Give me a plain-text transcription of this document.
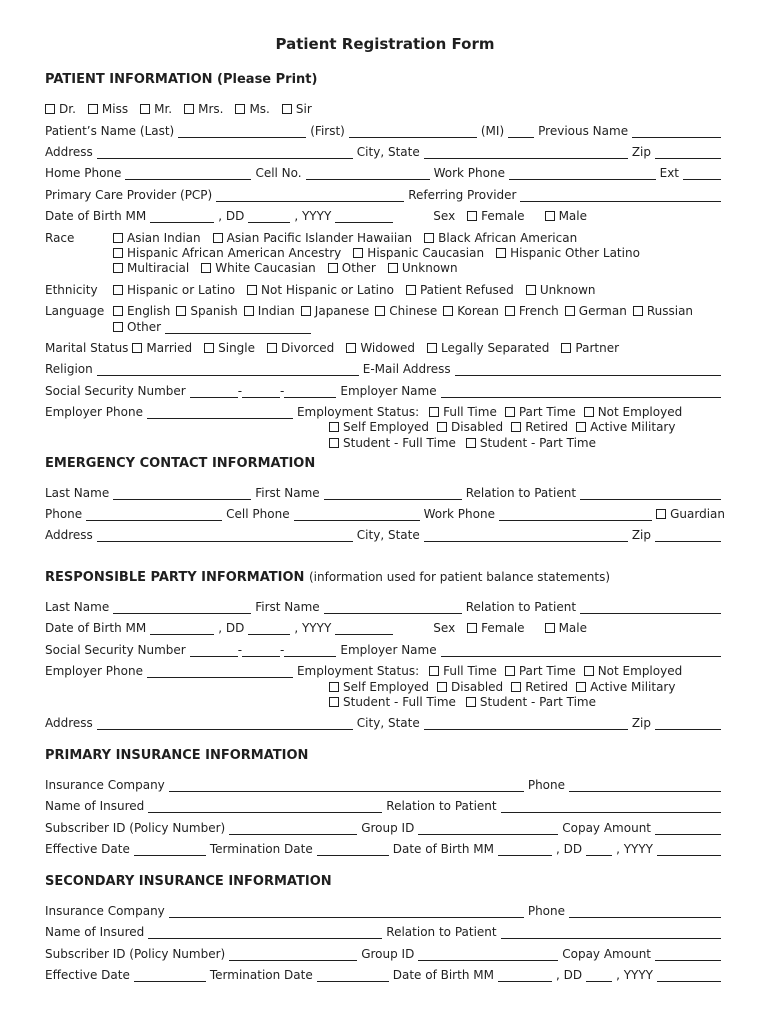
Patient Registration Form
PATIENT INFORMATION (Please Print)
Dr. Miss Mr. Mrs. Ms. Sir
Patient’s Name (Last)	(First)	(MI)	Previous Name
Address	City, State	Zip
Home Phone	Cell No.	Work Phone	Ext
Primary Care Provider (PCP)	Referring Provider
Date of Birth MM	, DD	, YYYY	Sex Female	Male
Race	Asian Indian Asian Pacific Islander Hawaiian Black African American
Hispanic African American Ancestry Hispanic Caucasian Hispanic Other Latino
Multiracial White Caucasian Other Unknown
Ethnicity	Hispanic or Latino Not Hispanic or Latino Patient Refused Unknown
Language	English Spanish Indian Japanese Chinese Korean French German Russian
Other
Marital Status Married Single Divorced Widowed Legally Separated Partner
Religion	E-Mail Address
Social Security Number	-	-	Employer Name
Employer Phone	Employment Status: Full Time Part Time Not Employed
Self Employed Disabled Retired Active Military
Student - Full Time Student - Part Time
EMERGENCY CONTACT INFORMATION
Last Name	First Name	Relation to Patient
Phone	Cell Phone	Work Phone	Guardian
Address	City, State	Zip
RESPONSIBLE PARTY INFORMATION (information used for patient balance statements)
Last Name	First Name	Relation to Patient
Date of Birth MM	, DD	, YYYY	Sex Female	Male
Social Security Number	-	-	Employer Name
Employer Phone	Employment Status: Full Time Part Time Not Employed
Self Employed Disabled Retired Active Military
Student - Full Time Student - Part Time
Address	City, State	Zip
PRIMARY INSURANCE INFORMATION
Insurance Company	Phone
Name of Insured	Relation to Patient
Subscriber ID (Policy Number)	Group ID	Copay Amount
Effective Date	Termination Date	Date of Birth MM	, DD	, YYYY
SECONDARY INSURANCE INFORMATION
Insurance Company	Phone
Name of Insured	Relation to Patient
Subscriber ID (Policy Number)	Group ID	Copay Amount
Effective Date	Termination Date	Date of Birth MM	, DD	, YYYY
